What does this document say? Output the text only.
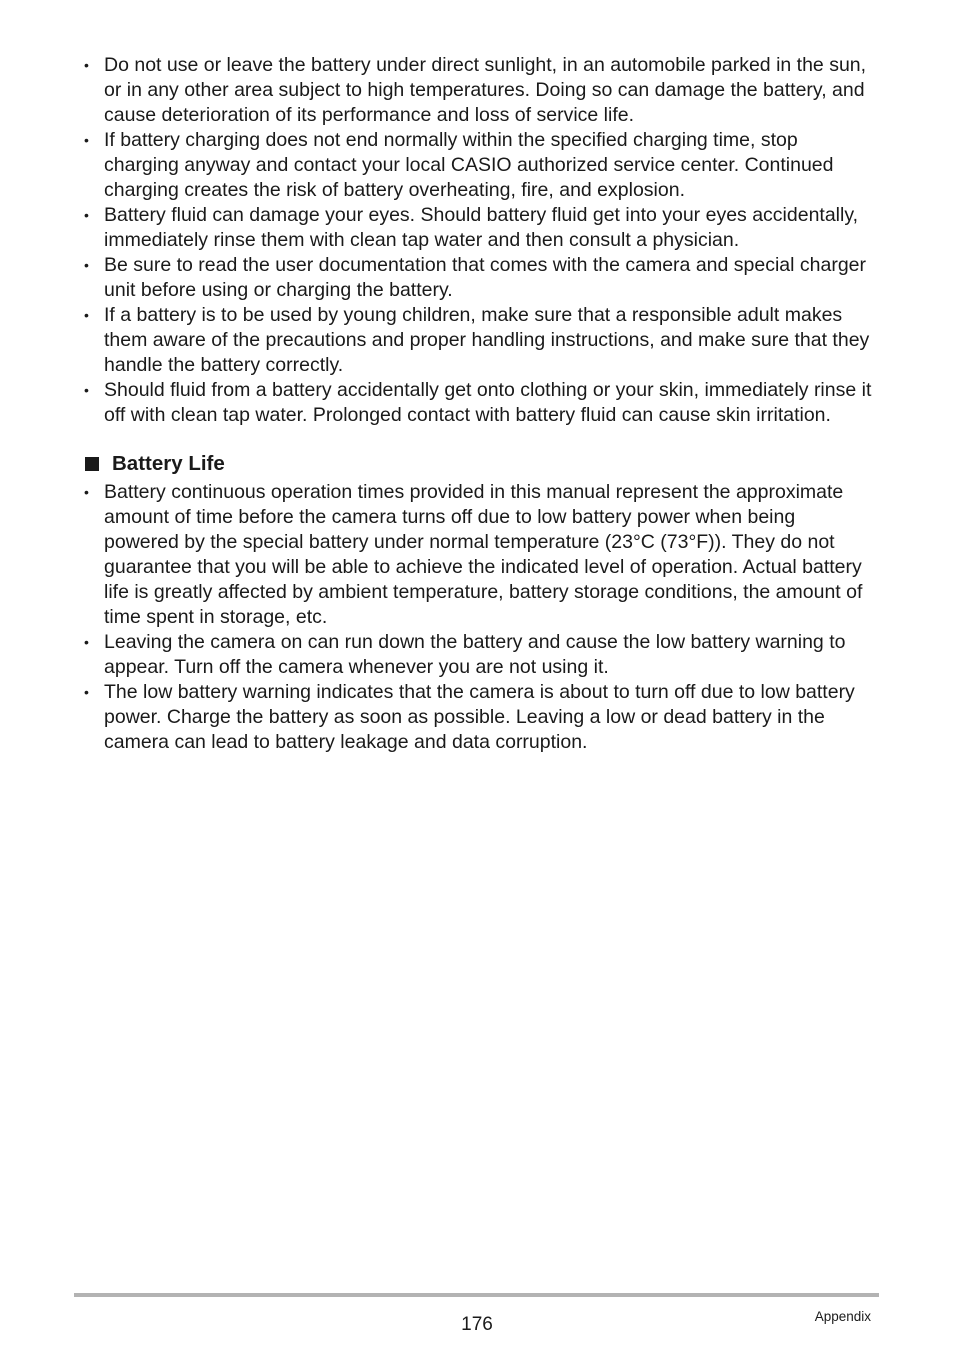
• Do not use or leave the battery under direct sunlight, in an automobile parked in the sun, or in any other area subject to high temperatures. Doing so can damage the battery, and cause deterioration of its performance and loss of service life.
• If battery charging does not end normally within the specified charging time, stop charging anyway and contact your local CASIO authorized service center. Continued charging creates the risk of battery overheating, fire, and explosion.
• Battery fluid can damage your eyes. Should battery fluid get into your eyes accidentally, immediately rinse them with clean tap water and then consult a physician.
• Be sure to read the user documentation that comes with the camera and special charger unit before using or charging the battery.
• If a battery is to be used by young children, make sure that a responsible adult makes them aware of the precautions and proper handling instructions, and make sure that they handle the battery correctly.
• Should fluid from a battery accidentally get onto clothing or your skin, immediately rinse it off with clean tap water. Prolonged contact with battery fluid can cause skin irritation.
Battery Life
• Battery continuous operation times provided in this manual represent the approximate amount of time before the camera turns off due to low battery power when being powered by the special battery under normal temperature (23°C (73°F)). They do not guarantee that you will be able to achieve the indicated level of operation. Actual battery life is greatly affected by ambient temperature, battery storage conditions, the amount of time spent in storage, etc.
• Leaving the camera on can run down the battery and cause the low battery warning to appear. Turn off the camera whenever you are not using it.
• The low battery warning indicates that the camera is about to turn off due to low battery power. Charge the battery as soon as possible. Leaving a low or dead battery in the camera can lead to battery leakage and data corruption.
176	Appendix
